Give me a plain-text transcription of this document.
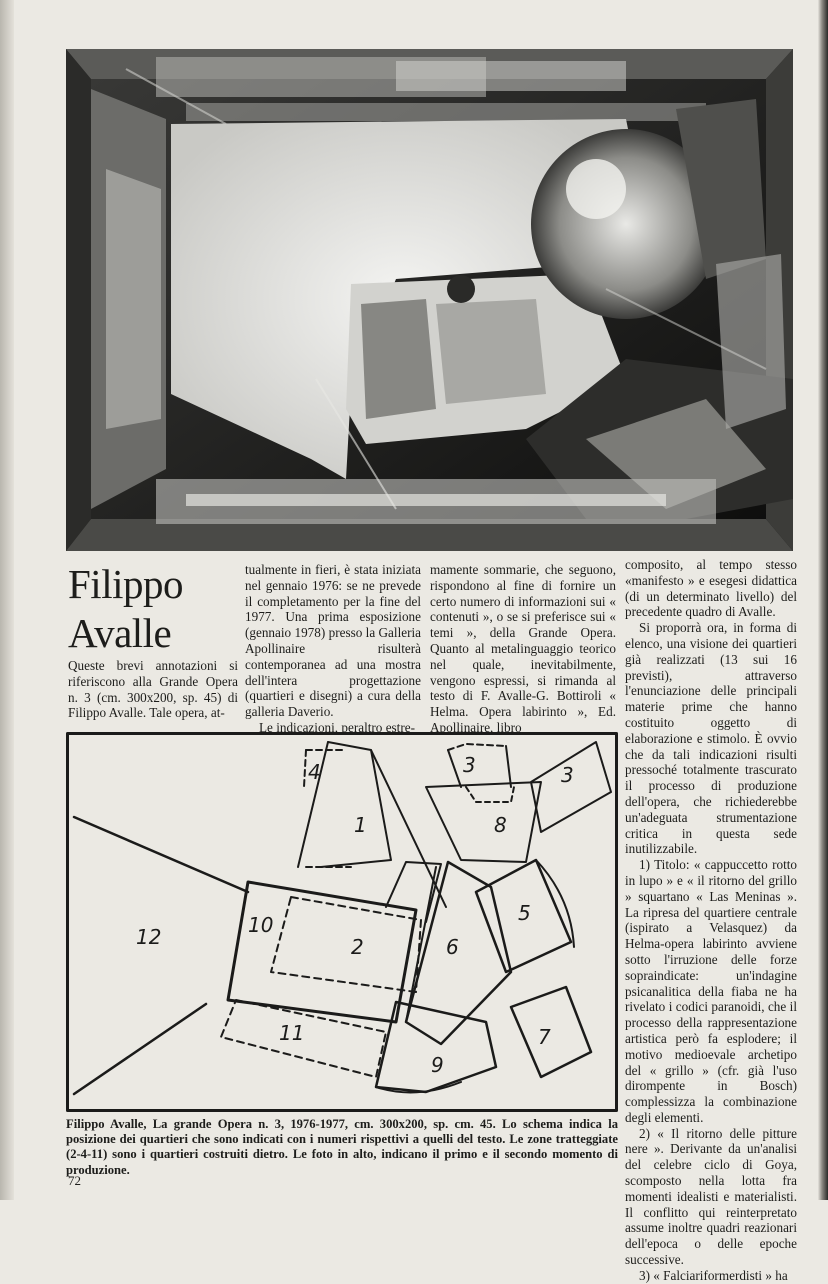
Filippo
Avalle

Queste brevi annotazioni si riferiscono alla Grande Opera n. 3 (cm. 300x200, sp. 45) di Filippo Avalle. Tale opera, at-

tualmente in fieri, è stata iniziata nel gennaio 1976: se ne prevede il completamento per la fine del 1977. Una prima esposizione (gennaio 1978) presso la Galleria Apollinaire risulterà contemporanea ad una mostra dell'intera progettazione (quartieri e disegni) a cura della galleria Daverio.

Le indicazioni, peraltro estre-

mamente sommarie, che seguono, rispondono al fine di fornire un certo numero di informazioni sui « contenuti », o se si preferisce sui « temi », della Grande Opera. Quanto al metalinguaggio teorico nel quale, inevitabilmente, vengono espressi, si rimanda al testo di F. Avalle-G. Bottiroli « Helma. Opera labirinto », Ed. Apollinaire, libro

composito, al tempo stesso «manifesto » e esegesi didattica (di un determinato livello) del precedente quadro di Avalle.

Si proporrà ora, in forma di elenco, una visione dei quartieri già realizzati (13 sui 16 previsti), attraverso l'enunciazione delle principali materie prime che hanno costituito oggetto di elaborazione e stimolo. È ovvio che da tali indicazioni risulti pressoché totalmente trascurato il processo di produzione dell'opera, che richiederebbe un'adeguata strumentazione critica in questa sede inutilizzabile.

1) Titolo: « cappuccetto rotto in lupo » e « il ritorno del grillo » squartano « Las Meninas ». La ripresa del quartiere centrale (ispirato a Velasquez) da Helma-opera labirinto avviene sotto l'irruzione delle forze sopraindicate: un'indagine psicanalitica della fiaba ne ha rivelato i codici paranoidi, che il processo della rappresentazione artistica però fa esplodere; il motivo medioevale archetipo del « grillo » (cfr. già l'uso dirompente in Bosch) complessizza la combinazione degli elementi.

2) « Il ritorno delle pitture nere ». Derivante da un'analisi del celebre ciclo di Goya, scomposto nella lotta fra momenti idealisti e materialisti. Il conflitto qui reinterpretato assume inoltre quadri reazionari dell'epoca o delle epoche successive.

3) « Falciariformerdisti » ha

1
2
3	3
4
5
6
7
8
9
10
11
12
Filippo Avalle, La grande Opera n. 3, 1976-1977, cm. 300x200, sp. cm. 45. Lo schema indica la posizione dei quartieri che sono indicati con i numeri rispettivi a quelli del testo. Le zone tratteggiate (2-4-11) sono i quartieri costruiti dietro. Le foto in alto, indicano il primo e il secondo momento di produzione.
72
